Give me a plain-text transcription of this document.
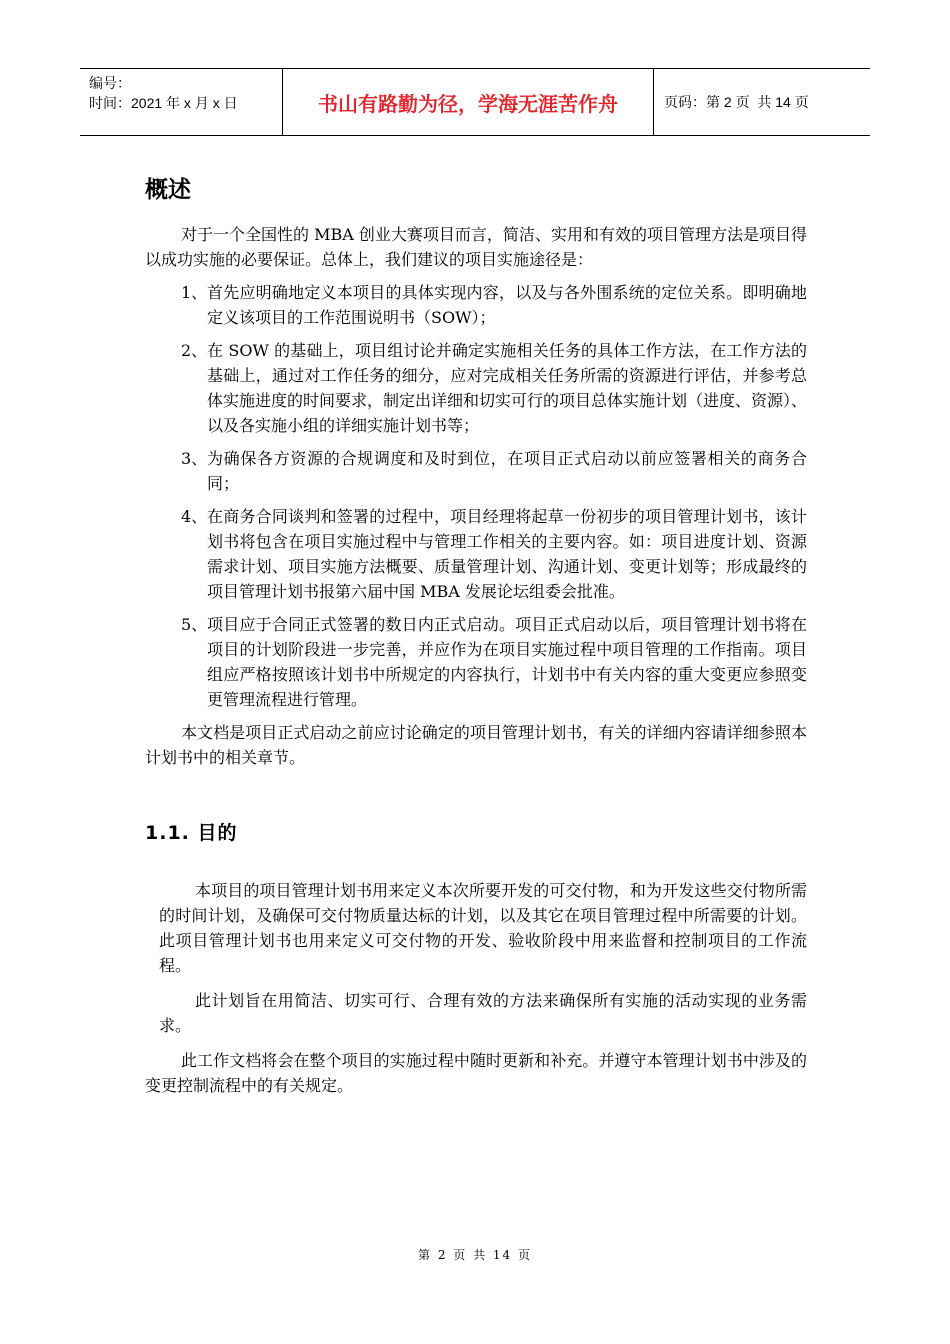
编号：
时间：2021 年 x 月 x 日	书山有路勤为径，学海无涯苦作舟	页码：第 2 页  共 14 页
概述

对于一个全国性的 MBA 创业大赛项目而言，简洁、实用和有效的项目管理方法是项目得以成功实施的必要保证。总体上，我们建议的项目实施途径是：

1、 首先应明确地定义本项目的具体实现内容，以及与各外围系统的定位关系。即明确地定义该项目的工作范围说明书（SOW）；
2、 在 SOW 的基础上，项目组讨论并确定实施相关任务的具体工作方法，在工作方法的基础上，通过对工作任务的细分，应对完成相关任务所需的资源进行评估，并参考总体实施进度的时间要求，制定出详细和切实可行的项目总体实施计划（进度、资源）、以及各实施小组的详细实施计划书等；
3、 为确保各方资源的合规调度和及时到位，在项目正式启动以前应签署相关的商务合同；
4、 在商务合同谈判和签署的过程中，项目经理将起草一份初步的项目管理计划书，该计划书将包含在项目实施过程中与管理工作相关的主要内容。如：项目进度计划、资源需求计划、项目实施方法概要、质量管理计划、沟通计划、变更计划等；形成最终的项目管理计划书报第六届中国 MBA 发展论坛组委会批准。
5、 项目应于合同正式签署的数日内正式启动。项目正式启动以后，项目管理计划书将在项目的计划阶段进一步完善，并应作为在项目实施过程中项目管理的工作指南。项目组应严格按照该计划书中所规定的内容执行，计划书中有关内容的重大变更应参照变更管理流程进行管理。

本文档是项目正式启动之前应讨论确定的项目管理计划书，有关的详细内容请详细参照本计划书中的相关章节。

1.1. 目的

本项目的项目管理计划书用来定义本次所要开发的可交付物，和为开发这些交付物所需的时间计划，及确保可交付物质量达标的计划，以及其它在项目管理过程中所需要的计划。此项目管理计划书也用来定义可交付物的开发、验收阶段中用来监督和控制项目的工作流程。

此计划旨在用简洁、切实可行、合理有效的方法来确保所有实施的活动实现的业务需求。

此工作文档将会在整个项目的实施过程中随时更新和补充。并遵守本管理计划书中涉及的变更控制流程中的有关规定。

第 2 页 共 14 页
